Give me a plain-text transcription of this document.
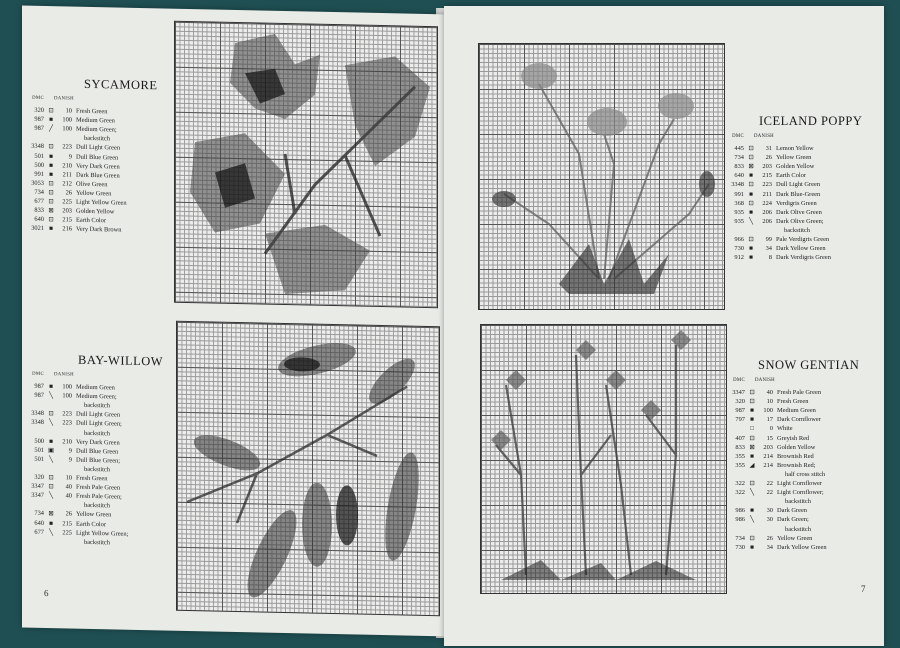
SYCAMORE
DMC DANISH
320 ⊡	10 Fresh Green
987 ■	100 Medium Green
987 ╱	100 Medium Green;
backstitch
3348 ⊡	223 Dull Light Green
501 ■	9 Dull Blue Green
500 ■	210 Very Dark Green
991 ■	211 Dark Blue Green
3053 ⊡	212 Olive Green
734 ⊡	26 Yellow Green
677 ⊡	225 Light Yellow Green
833 ⊠	203 Golden Yellow
640 ⊡	215 Earth Color
3021 ■	216 Very Dark Brown
BAY-WILLOW
DMC DANISH
987 ■	100 Medium Green
987 ╲	100 Medium Green;
backstitch
3348 ⊡	223 Dull Light Green
3348 ╲	223 Dull Light Green;
backstitch
500 ■	210 Very Dark Green
501 ▣	9 Dull Blue Green
501 ╲	9 Dull Blue Green;
backstitch
320 ⊡	10 Fresh Green
3347 ⊡	40 Fresh Pale Green
3347 ╲	40 Fresh Pale Green;
backstitch
734 ⊠	26 Yellow Green
640 ■	215 Earth Color
677 ╲	225 Light Yellow Green;
backstitch
6
ICELAND POPPY
DMC DANISH
445 ⊡	31 Lemon Yellow
734 ⊡	26 Yellow Green
833 ⊠	203 Golden Yellow
640 ■	215 Earth Color
3348 ⊡	223 Dull Light Green
991 ■	211 Dark Blue-Green
368 ⊡	224 Verdigris Green
935 ■	206 Dark Olive Green
935 ╲	206 Dark Olive Green;
backstitch
966 ⊡	99 Pale Verdigris Green
730 ■	34 Dark Yellow Green
912 ■	8 Dark Verdigris Green
SNOW GENTIAN
DMC DANISH
3347 ⊡	40 Fresh Pale Green
320 ⊡	10 Fresh Green
987 ■	100 Medium Green
797 ■	17 Dark Cornflower
□	0 White
407 ⊡	15 Greyish Red
833 ⊠	203 Golden Yellow
355 ■	214 Brownish Red
355 ◢	214 Brownish Red;
half cross stitch
322 ⊡	22 Light Cornflower
322 ╲	22 Light Cornflower;
backstitch
986 ■	30 Dark Green
986 ╲	30 Dark Green;
backstitch
734 ⊡	26 Yellow Green
730 ■	34 Dark Yellow Green
7
